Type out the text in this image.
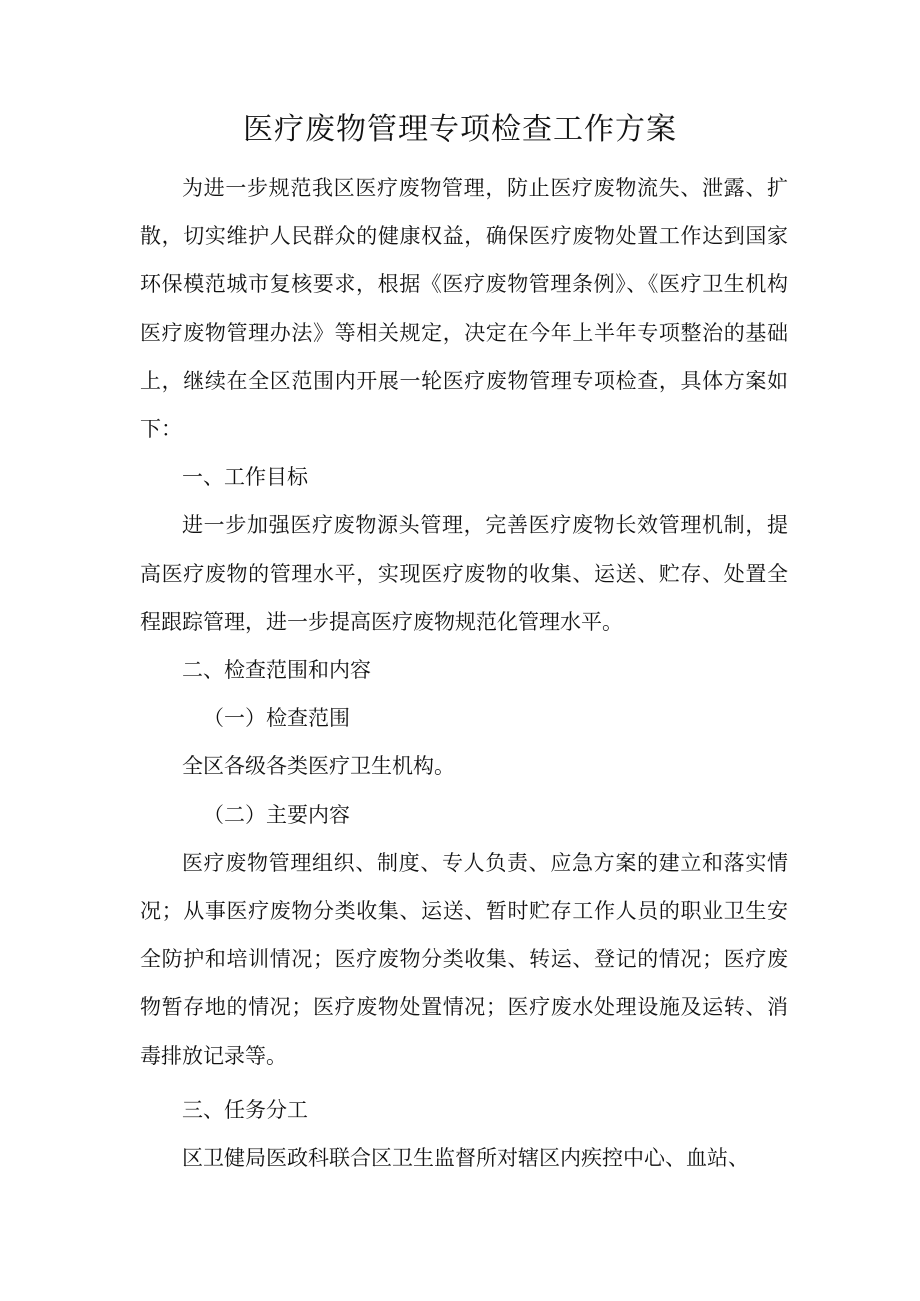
医疗废物管理专项检查工作方案

为进一步规范我区医疗废物管理，防止医疗废物流失、泄露、扩散，切实维护人民群众的健康权益，确保医疗废物处置工作达到国家环保模范城市复核要求，根据《医疗废物管理条例》、《医疗卫生机构医疗废物管理办法》等相关规定，决定在今年上半年专项整治的基础上，继续在全区范围内开展一轮医疗废物管理专项检查，具体方案如下：

一、工作目标

进一步加强医疗废物源头管理，完善医疗废物长效管理机制，提高医疗废物的管理水平，实现医疗废物的收集、运送、贮存、处置全程跟踪管理，进一步提高医疗废物规范化管理水平。

二、检查范围和内容
（一）检查范围

全区各级各类医疗卫生机构。

（二）主要内容

医疗废物管理组织、制度、专人负责、应急方案的建立和落实情况；从事医疗废物分类收集、运送、暂时贮存工作人员的职业卫生安全防护和培训情况；医疗废物分类收集、转运、登记的情况；医疗废物暂存地的情况；医疗废物处置情况；医疗废水处理设施及运转、消毒排放记录等。

三、任务分工

区卫健局医政科联合区卫生监督所对辖区内疾控中心、血站、
